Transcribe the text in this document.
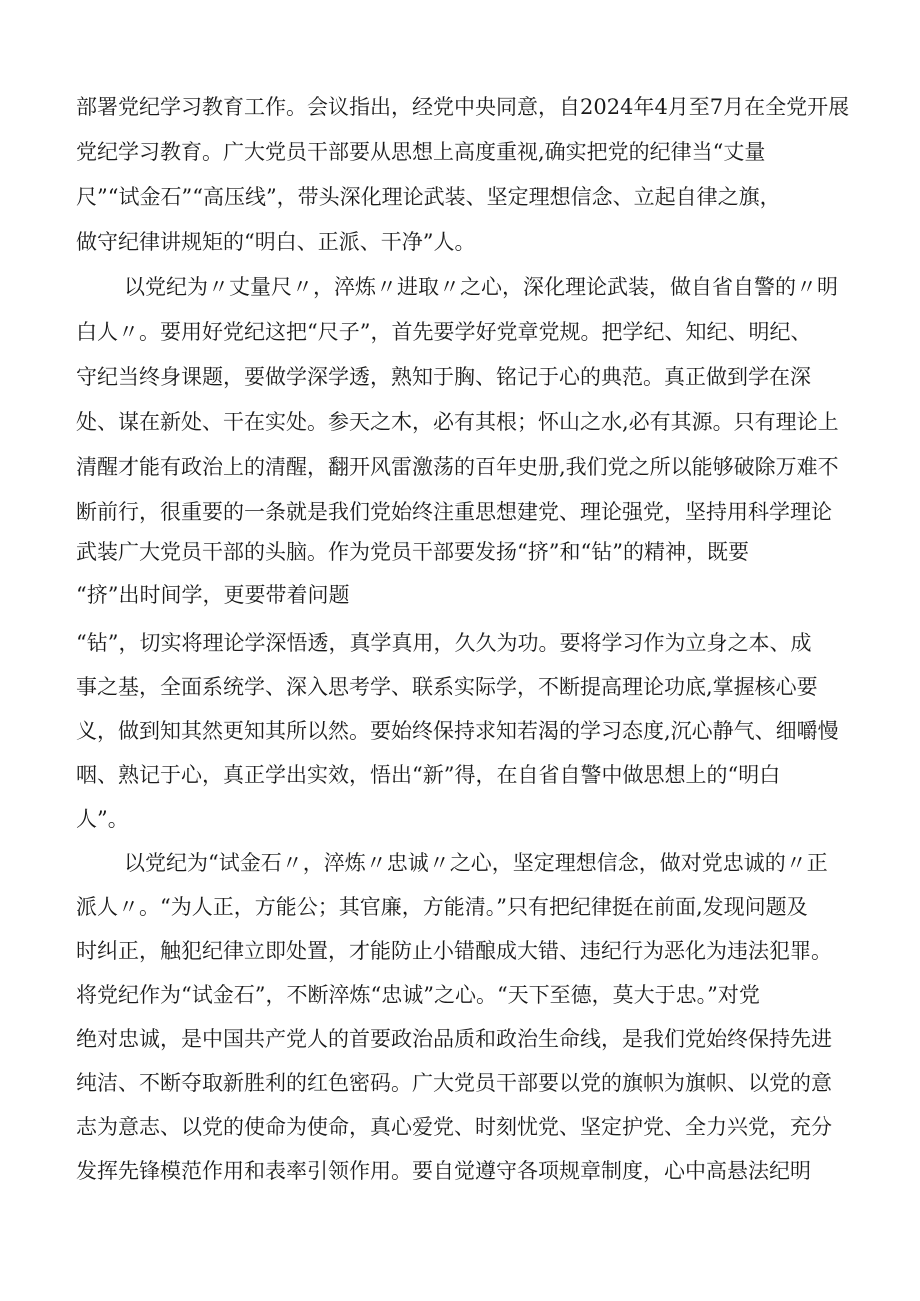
部署党纪学习教育工作。会议指出，经党中央同意，自2024年4月至7月在全党开展
党纪学习教育。广大党员干部要从思想上高度重视,确实把党的纪律当“丈量
尺”“试金石”“高压线”，带头深化理论武装、坚定理想信念、立起自律之旗，
做守纪律讲规矩的“明白、正派、干净”人。
以党纪为〃丈量尺〃，淬炼〃进取〃之心，深化理论武装，做自省自警的〃明
白人〃。要用好党纪这把“尺子”，首先要学好党章党规。把学纪、知纪、明纪、
守纪当终身课题，要做学深学透，熟知于胸、铭记于心的典范。真正做到学在深
处、谋在新处、干在实处。参天之木，必有其根；怀山之水,必有其源。只有理论上
清醒才能有政治上的清醒，翻开风雷激荡的百年史册,我们党之所以能够破除万难不
断前行，很重要的一条就是我们党始终注重思想建党、理论强党，坚持用科学理论
武装广大党员干部的头脑。作为党员干部要发扬“挤”和“钻”的精神，既要
“挤”出时间学，更要带着问题
“钻”，切实将理论学深悟透，真学真用，久久为功。要将学习作为立身之本、成
事之基，全面系统学、深入思考学、联系实际学，不断提高理论功底,掌握核心要
义，做到知其然更知其所以然。要始终保持求知若渴的学习态度,沉心静气、细嚼慢
咽、熟记于心，真正学出实效，悟出“新”得，在自省自警中做思想上的“明白
人”。
以党纪为“试金石〃，淬炼〃忠诚〃之心，坚定理想信念，做对党忠诚的〃正
派人〃。“为人正，方能公；其官廉，方能清。”只有把纪律挺在前面,发现问题及
时纠正，触犯纪律立即处置，才能防止小错酿成大错、违纪行为恶化为违法犯罪。
将党纪作为“试金石”，不断淬炼“忠诚”之心。“天下至德，莫大于忠。”对党
绝对忠诚，是中国共产党人的首要政治品质和政治生命线，是我们党始终保持先进
纯洁、不断夺取新胜利的红色密码。广大党员干部要以党的旗帜为旗帜、以党的意
志为意志、以党的使命为使命，真心爱党、时刻忧党、坚定护党、全力兴党，充分
发挥先锋模范作用和表率引领作用。要自觉遵守各项规章制度，心中高悬法纪明
